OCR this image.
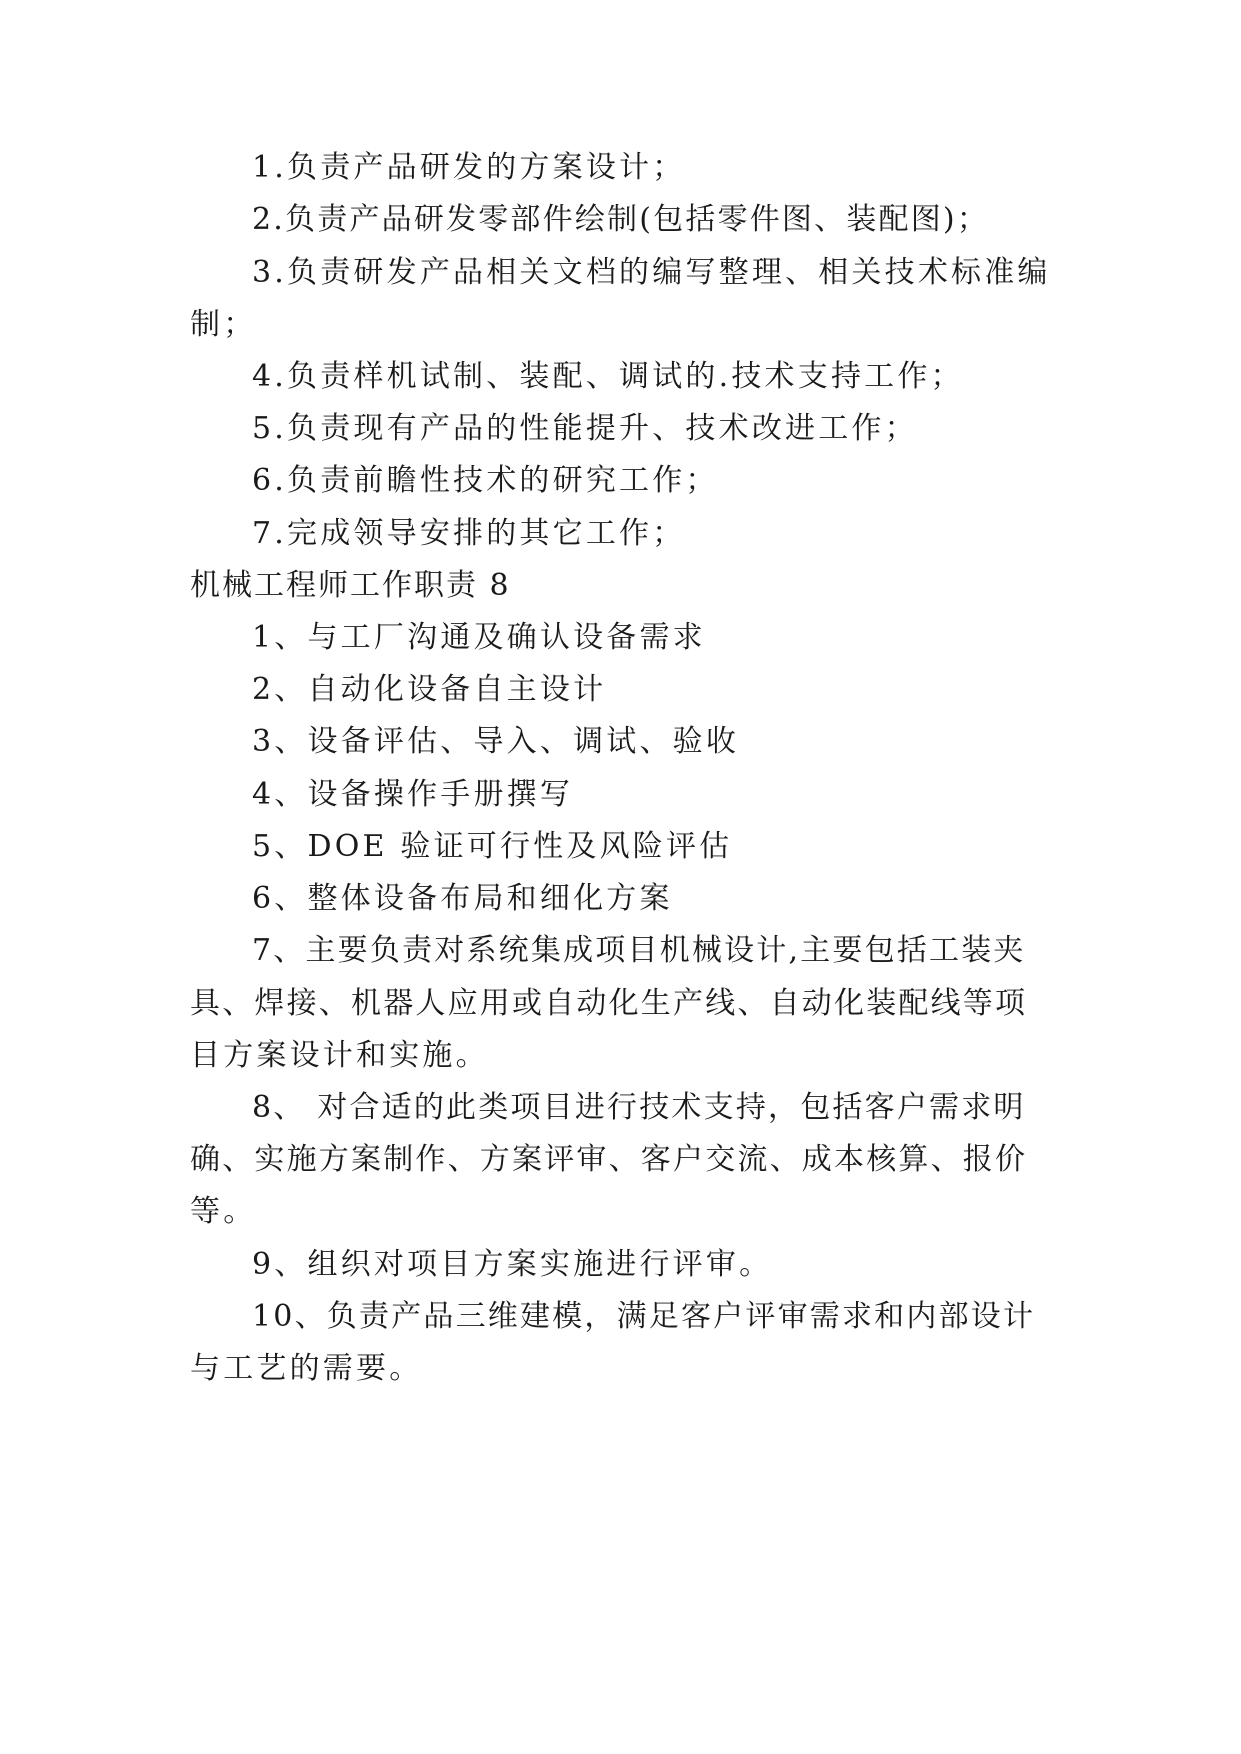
1.负责产品研发的方案设计；
2.负责产品研发零部件绘制(包括零件图、装配图)；
3.负责研发产品相关文档的编写整理、相关技术标准编
制；
4.负责样机试制、装配、调试的.技术支持工作；
5.负责现有产品的性能提升、技术改进工作；
6.负责前瞻性技术的研究工作；
7.完成领导安排的其它工作；
机械工程师工作职责 8
1、与工厂沟通及确认设备需求
2、自动化设备自主设计
3、设备评估、导入、调试、验收
4、设备操作手册撰写
5、DOE 验证可行性及风险评估
6、整体设备布局和细化方案
7、主要负责对系统集成项目机械设计,主要包括工装夹
具、焊接、机器人应用或自动化生产线、自动化装配线等项
目方案设计和实施。
8、 对合适的此类项目进行技术支持，包括客户需求明
确、实施方案制作、方案评审、客户交流、成本核算、报价
等。
9、组织对项目方案实施进行评审。
10、负责产品三维建模，满足客户评审需求和内部设计
与工艺的需要。
